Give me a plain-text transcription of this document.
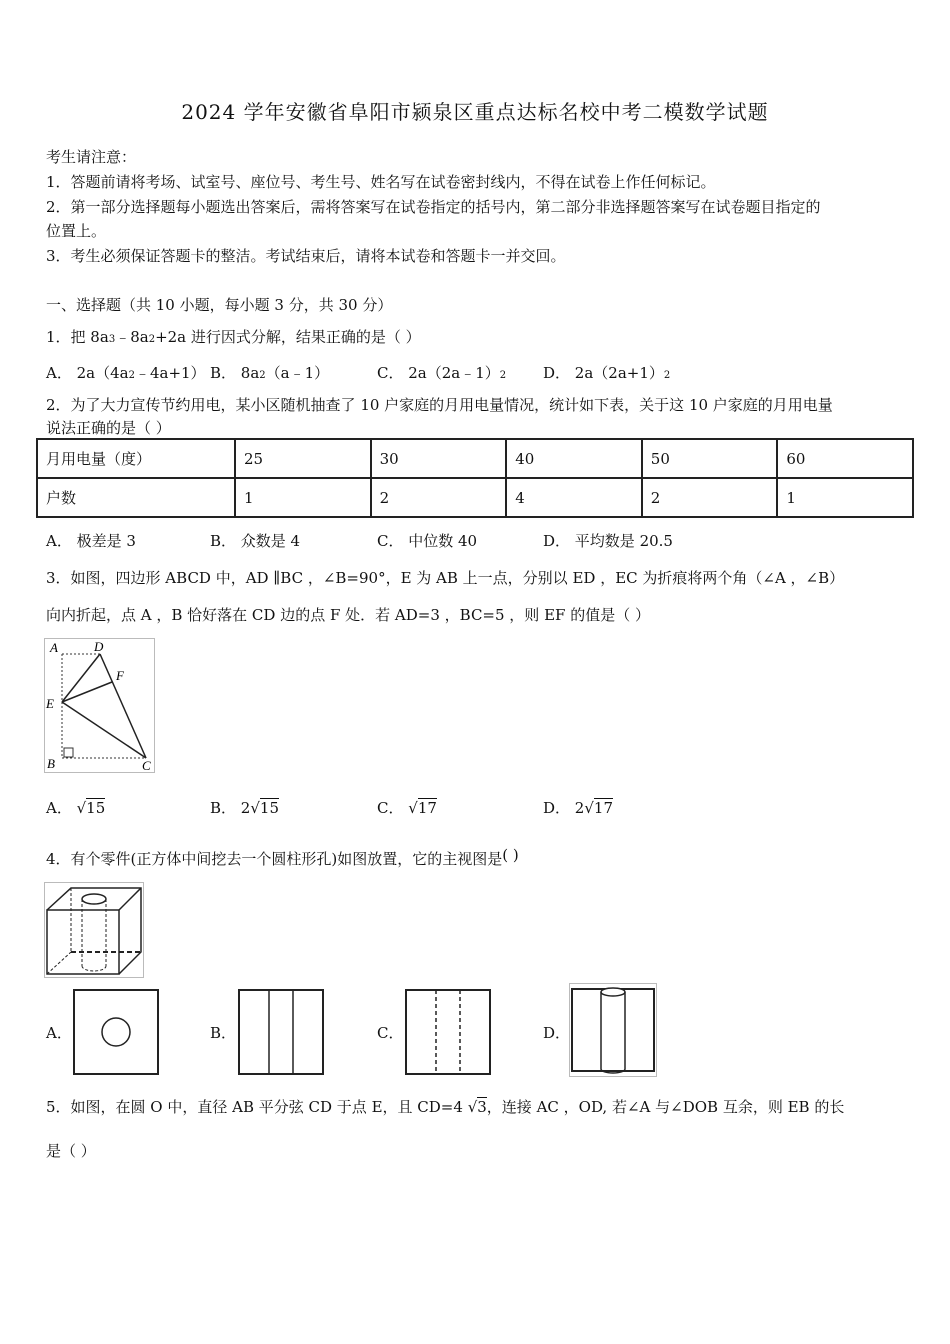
2024 学年安徽省阜阳市颍泉区重点达标名校中考二模数学试题
考生请注意：
1．答题前请将考场、试室号、座位号、考生号、姓名写在试卷密封线内，不得在试卷上作任何标记。
2．第一部分选择题每小题选出答案后，需将答案写在试卷指定的括号内，第二部分非选择题答案写在试卷题目指定的
位置上。
3．考生必须保证答题卡的整洁。考试结束后，请将本试卷和答题卡一并交回。
一、选择题（共 10 小题，每小题 3 分，共 30 分）
1．把 8a3﹣8a2+2a 进行因式分解，结果正确的是（ ）
A． 2a（4a2﹣4a+1） B． 8a2（a﹣1）	C． 2a（2a﹣1）2 D． 2a（2a+1）2
2．为了大力宣传节约用电，某小区随机抽查了 10 户家庭的月用电量情况，统计如下表，关于这 10 户家庭的月用电量
说法正确的是（ ）
月用电量（度）	25	30	40	50	60
户数	1	2	4	2	1
A． 极差是 3	B． 众数是 4	C． 中位数 40	D． 平均数是 20.5
3．如图，四边形 ABCD 中，AD ∥BC ，∠B=90°，E 为 AB 上一点，分别以 ED ，EC 为折痕将两个角（∠A ，∠B）
向内折起，点 A ，B 恰好落在 CD 边的点 F 处．若 AD=3 ，BC=5 ，则 EF 的值是（ ）
A	D
F
E
B	C
A． √15	B． 2√15	C． √17	D． 2√17
4．有个零件(正方体中间挖去一个圆柱形孔)如图放置，它的主视图是( )
A．	B．	C．	D．
5．如图，在圆 O 中，直径 AB 平分弦 CD 于点 E，且 CD=4 √3，连接 AC ，OD, 若∠A 与∠DOB 互余，则 EB 的长
是（ ）
